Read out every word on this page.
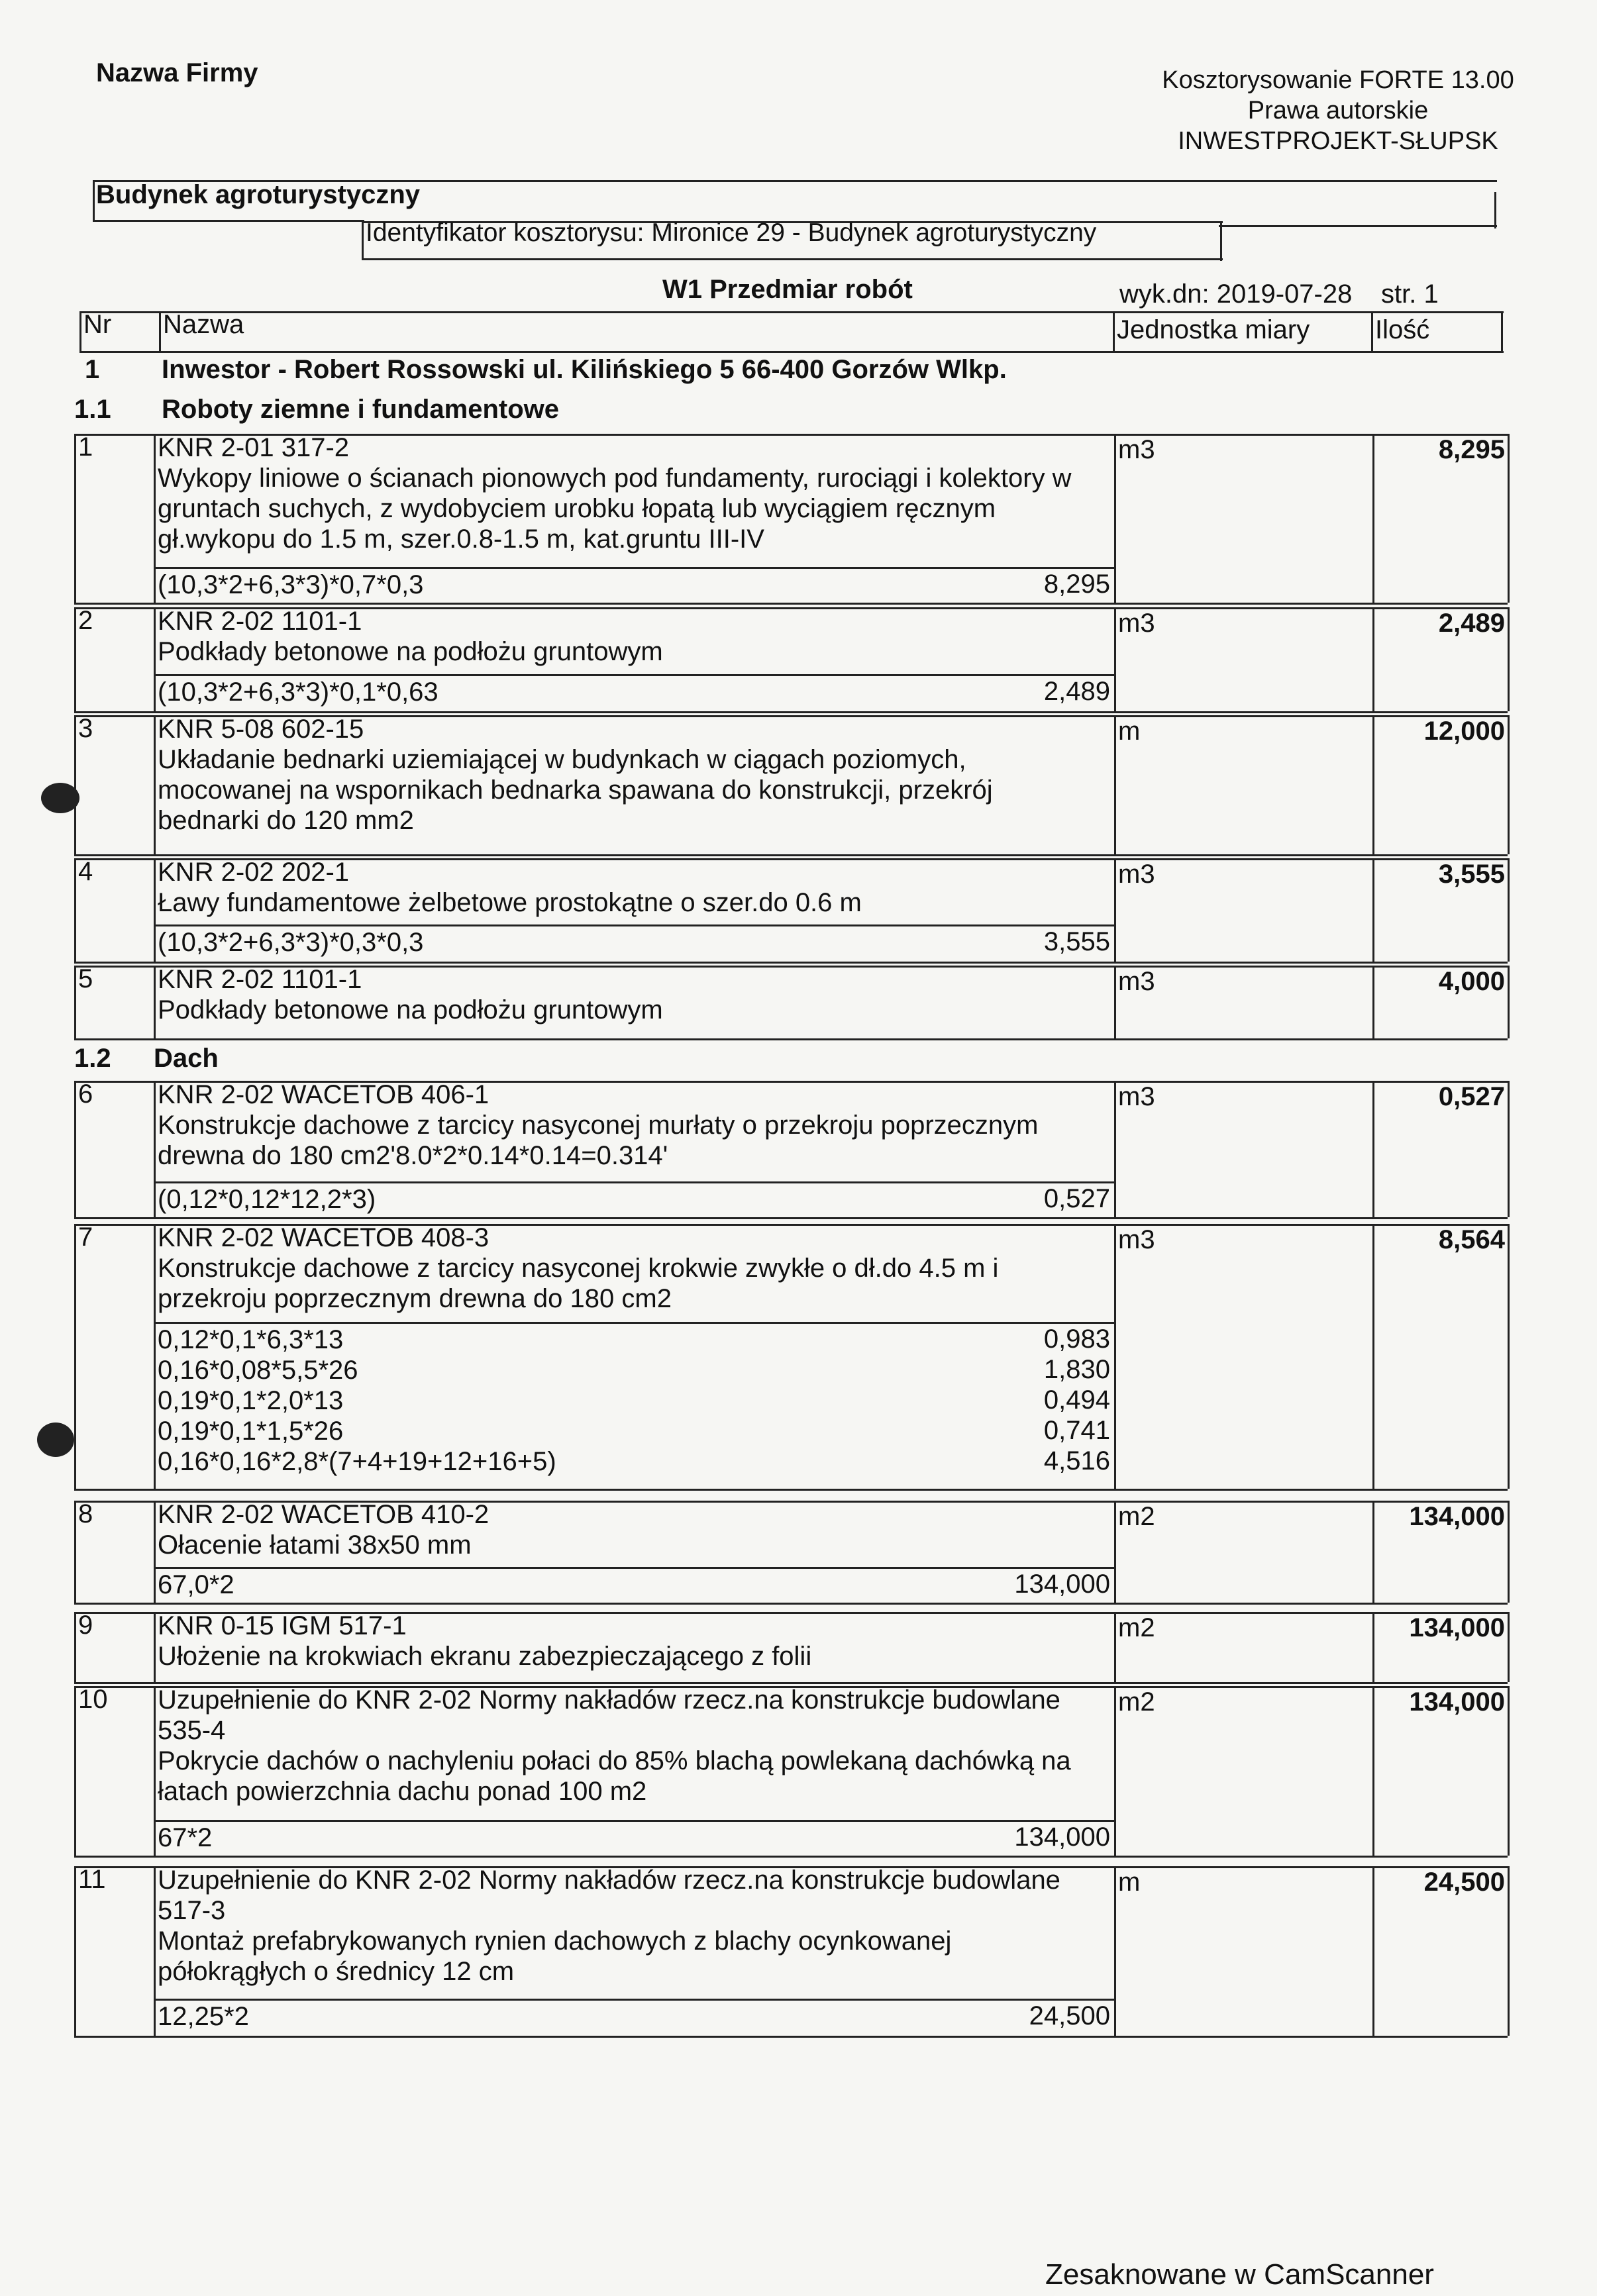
Nazwa Firmy	Kosztorysowanie FORTE 13.00
Prawa autorskie
INWESTPROJEKT-SŁUPSK
Budynek agroturystyczny
Identyfikator kosztorysu: Mironice 29 - Budynek agroturystyczny
W1 Przedmiar robót	wyk.dn: 2019-07-28 str. 1
Nr Nazwa	Jednostka miary Ilość
1 Inwestor - Robert Rossowski ul. Kilińskiego 5 66-400 Gorzów Wlkp.
1.1 Roboty ziemne i fundamentowe
1.2 Dach
1 KNR 2-01 317-2
Wykopy liniowe o ścianach pionowych pod fundamenty, rurociągi i kolektory w
gruntach suchych, z wydobyciem urobku łopatą lub wyciągiem ręcznym
gł.wykopu do 1.5 m, szer.0.8-1.5 m, kat.gruntu III-IV
m3	8,295
(10,3*2+6,3*3)*0,7*0,3	8,295
2 KNR 2-02 1101-1
Podkłady betonowe na podłożu gruntowym
m3	2,489
(10,3*2+6,3*3)*0,1*0,63	2,489
3 KNR 5-08 602-15
Układanie bednarki uziemiającej w budynkach w ciągach poziomych,
mocowanej na wspornikach bednarka spawana do konstrukcji, przekrój
bednarki do 120 mm2
m	12,000
4 KNR 2-02 202-1
Ławy fundamentowe żelbetowe prostokątne o szer.do 0.6 m
m3	3,555
(10,3*2+6,3*3)*0,3*0,3	3,555
5 KNR 2-02 1101-1
Podkłady betonowe na podłożu gruntowym
m3	4,000
6 KNR 2-02 WACETOB 406-1
Konstrukcje dachowe z tarcicy nasyconej murłaty o przekroju poprzecznym
drewna do 180 cm2'8.0*2*0.14*0.14=0.314'
m3	0,527
(0,12*0,12*12,2*3)	0,527
7 KNR 2-02 WACETOB 408-3
Konstrukcje dachowe z tarcicy nasyconej krokwie zwykłe o dł.do 4.5 m i
przekroju poprzecznym drewna do 180 cm2
m3	8,564
0,12*0,1*6,3*13	0,983
0,16*0,08*5,5*26	1,830
0,19*0,1*2,0*13	0,494
0,19*0,1*1,5*26	0,741
0,16*0,16*2,8*(7+4+19+12+16+5)	4,516
8 KNR 2-02 WACETOB 410-2
Ołacenie łatami 38x50 mm
m2	134,000
67,0*2	134,000
9 KNR 0-15 IGM 517-1
Ułożenie na krokwiach ekranu zabezpieczającego z folii
m2	134,000
10 Uzupełnienie do KNR 2-02 Normy nakładów rzecz.na konstrukcje budowlane
535-4
Pokrycie dachów o nachyleniu połaci do 85% blachą powlekaną dachówką na
łatach powierzchnia dachu ponad 100 m2
m2	134,000
67*2	134,000
11 Uzupełnienie do KNR 2-02 Normy nakładów rzecz.na konstrukcje budowlane
517-3
Montaż prefabrykowanych rynien dachowych z blachy ocynkowanej
półokrągłych o średnicy 12 cm
m	24,500
12,25*2	24,500
Zesaknowane w CamScanner
